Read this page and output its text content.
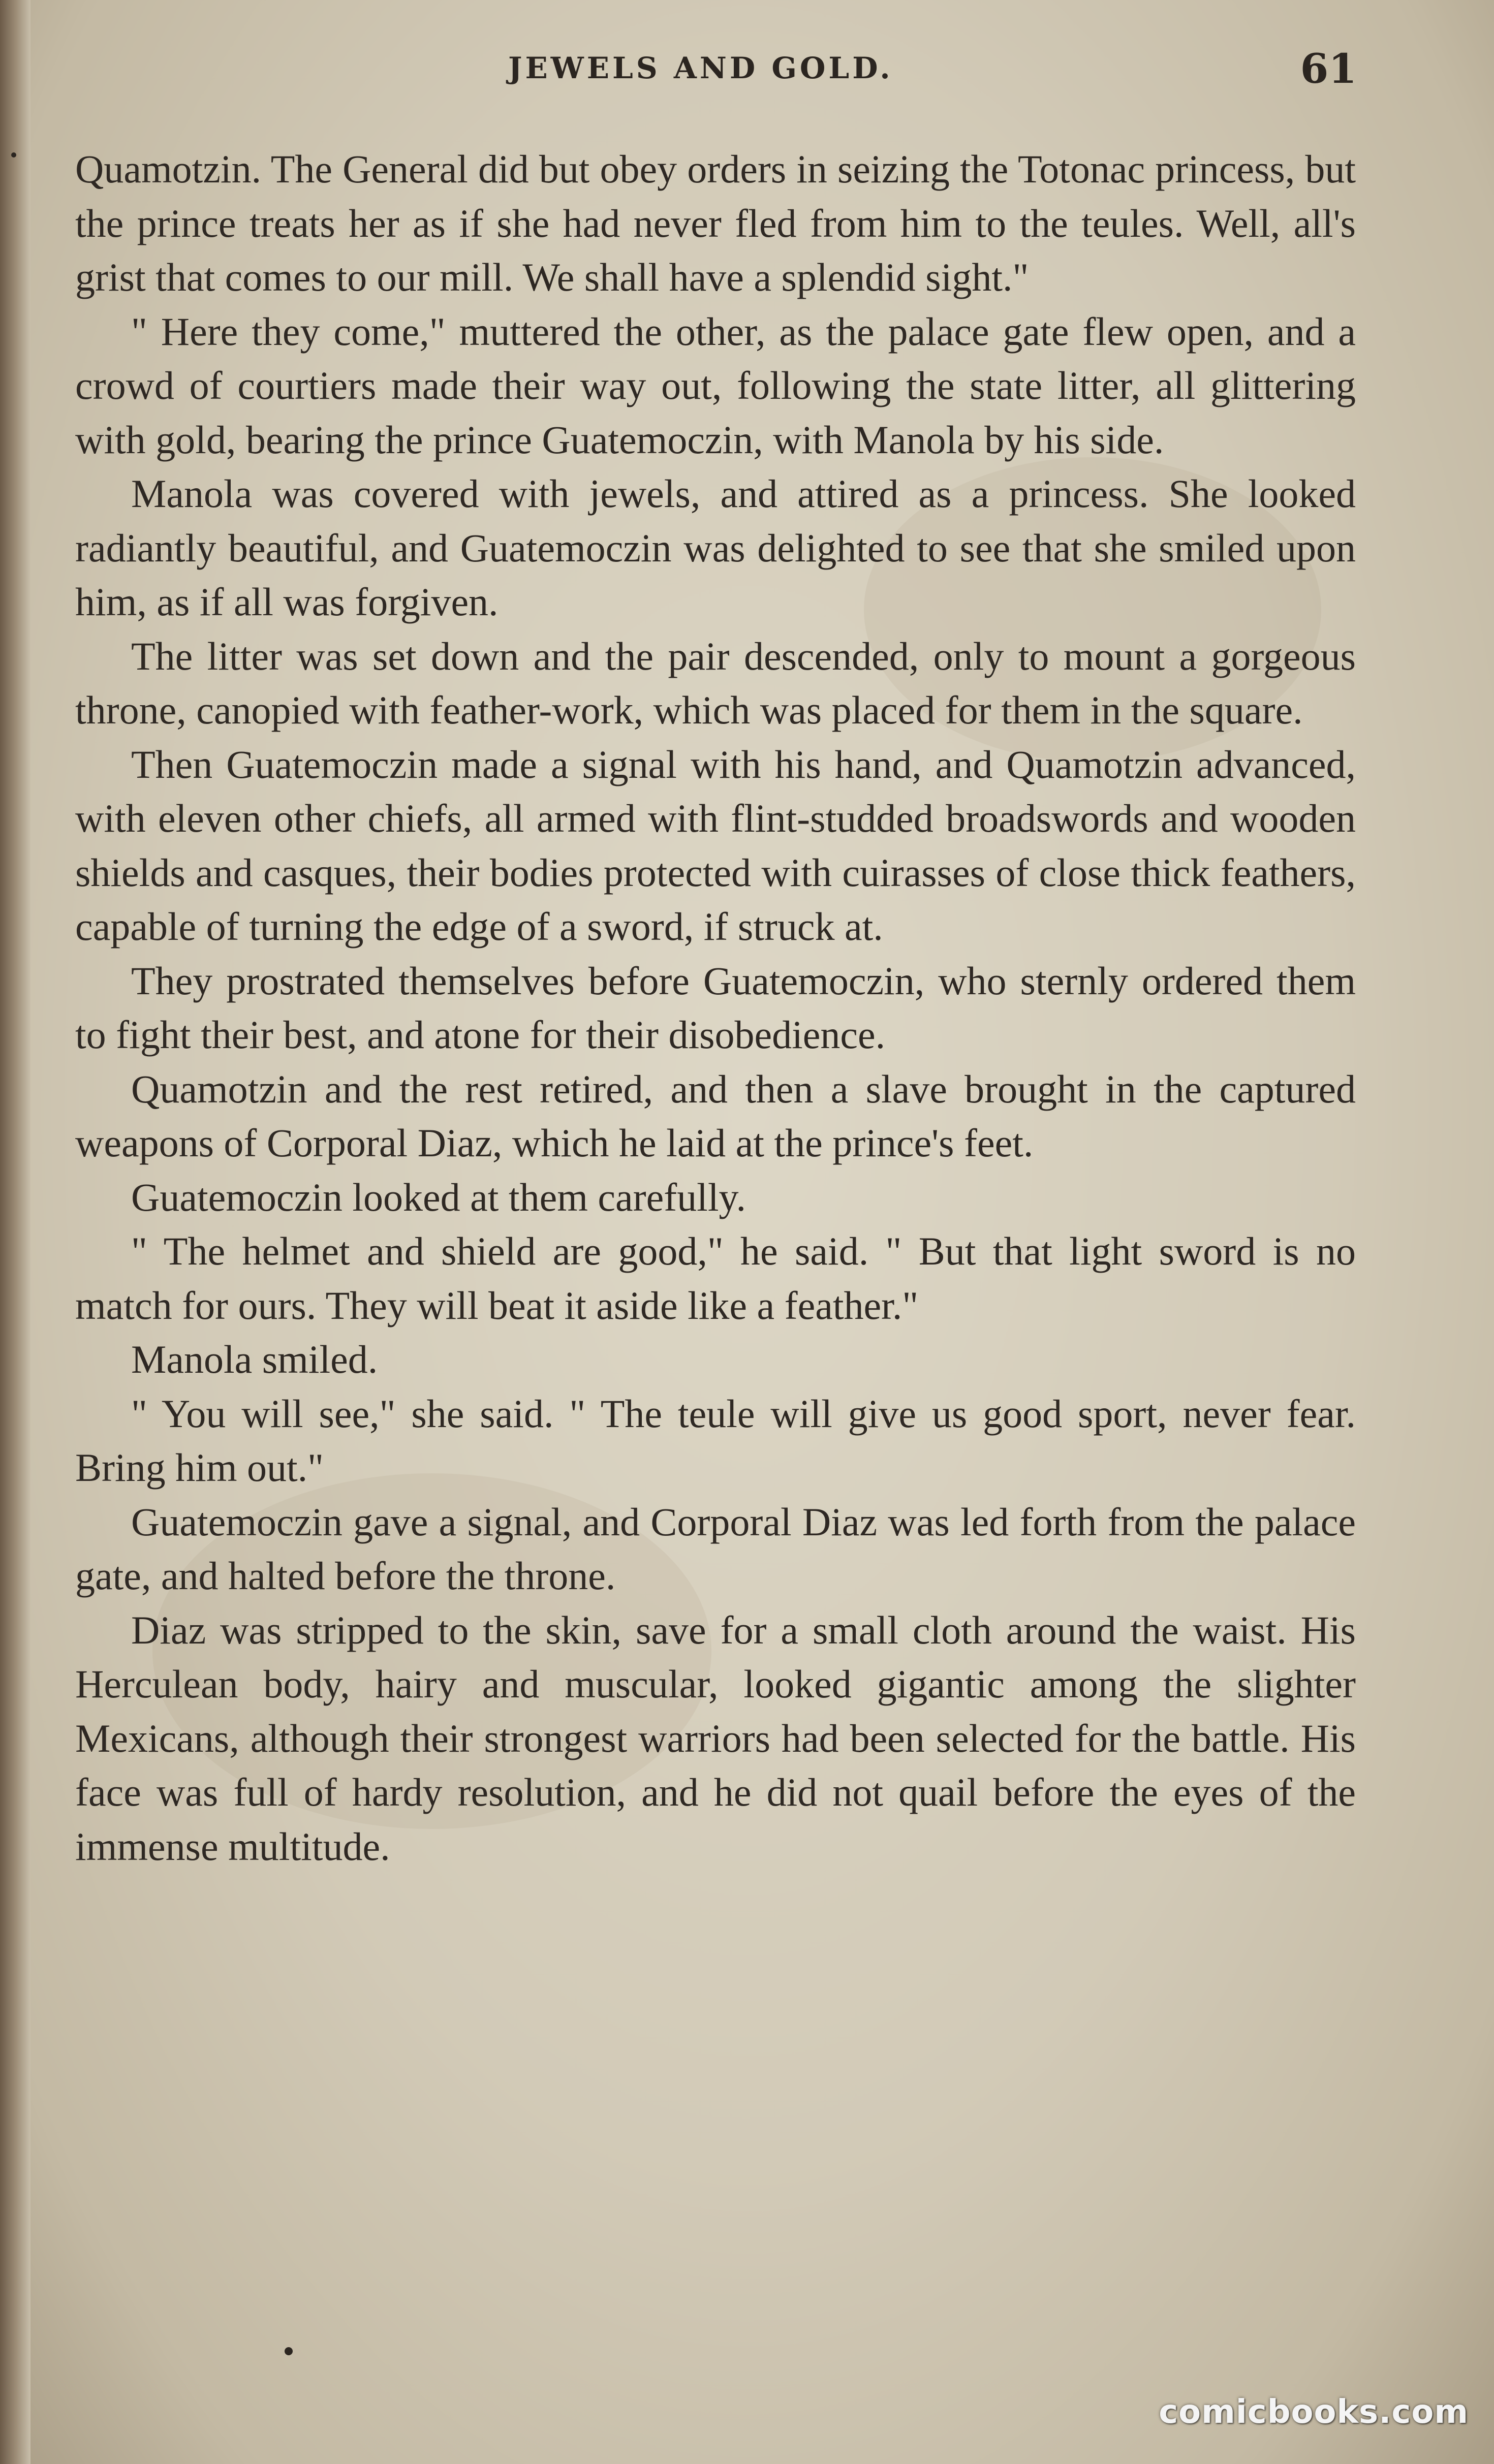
JEWELS AND GOLD.	61

Quamotzin. The General did but obey orders in seizing the Totonac princess, but the prince treats her as if she had never fled from him to the teules. Well, all's grist that comes to our mill. We shall have a splendid sight."

" Here they come," muttered the other, as the palace gate flew open, and a crowd of courtiers made their way out, following the state litter, all glittering with gold, bearing the prince Guatemoczin, with Manola by his side.

Manola was covered with jewels, and attired as a princess. She looked radiantly beautiful, and Guatemoczin was delighted to see that she smiled upon him, as if all was forgiven.

The litter was set down and the pair descended, only to mount a gorgeous throne, canopied with feather-work, which was placed for them in the square.

Then Guatemoczin made a signal with his hand, and Quamotzin advanced, with eleven other chiefs, all armed with flint-studded broadswords and wooden shields and casques, their bodies protected with cuirasses of close thick feathers, capable of turning the edge of a sword, if struck at.

They prostrated themselves before Guatemoczin, who sternly ordered them to fight their best, and atone for their disobedience.

Quamotzin and the rest retired, and then a slave brought in the captured weapons of Corporal Diaz, which he laid at the prince's feet.

Guatemoczin looked at them carefully.

" The helmet and shield are good," he said. " But that light sword is no match for ours. They will beat it aside like a feather."

Manola smiled.

" You will see," she said. " The teule will give us good sport, never fear. Bring him out."

Guatemoczin gave a signal, and Corporal Diaz was led forth from the palace gate, and halted before the throne.

Diaz was stripped to the skin, save for a small cloth around the waist. His Herculean body, hairy and muscular, looked gigantic among the slighter Mexicans, although their strongest warriors had been selected for the battle. His face was full of hardy resolution, and he did not quail before the eyes of the immense multitude.

comicbooks.com
